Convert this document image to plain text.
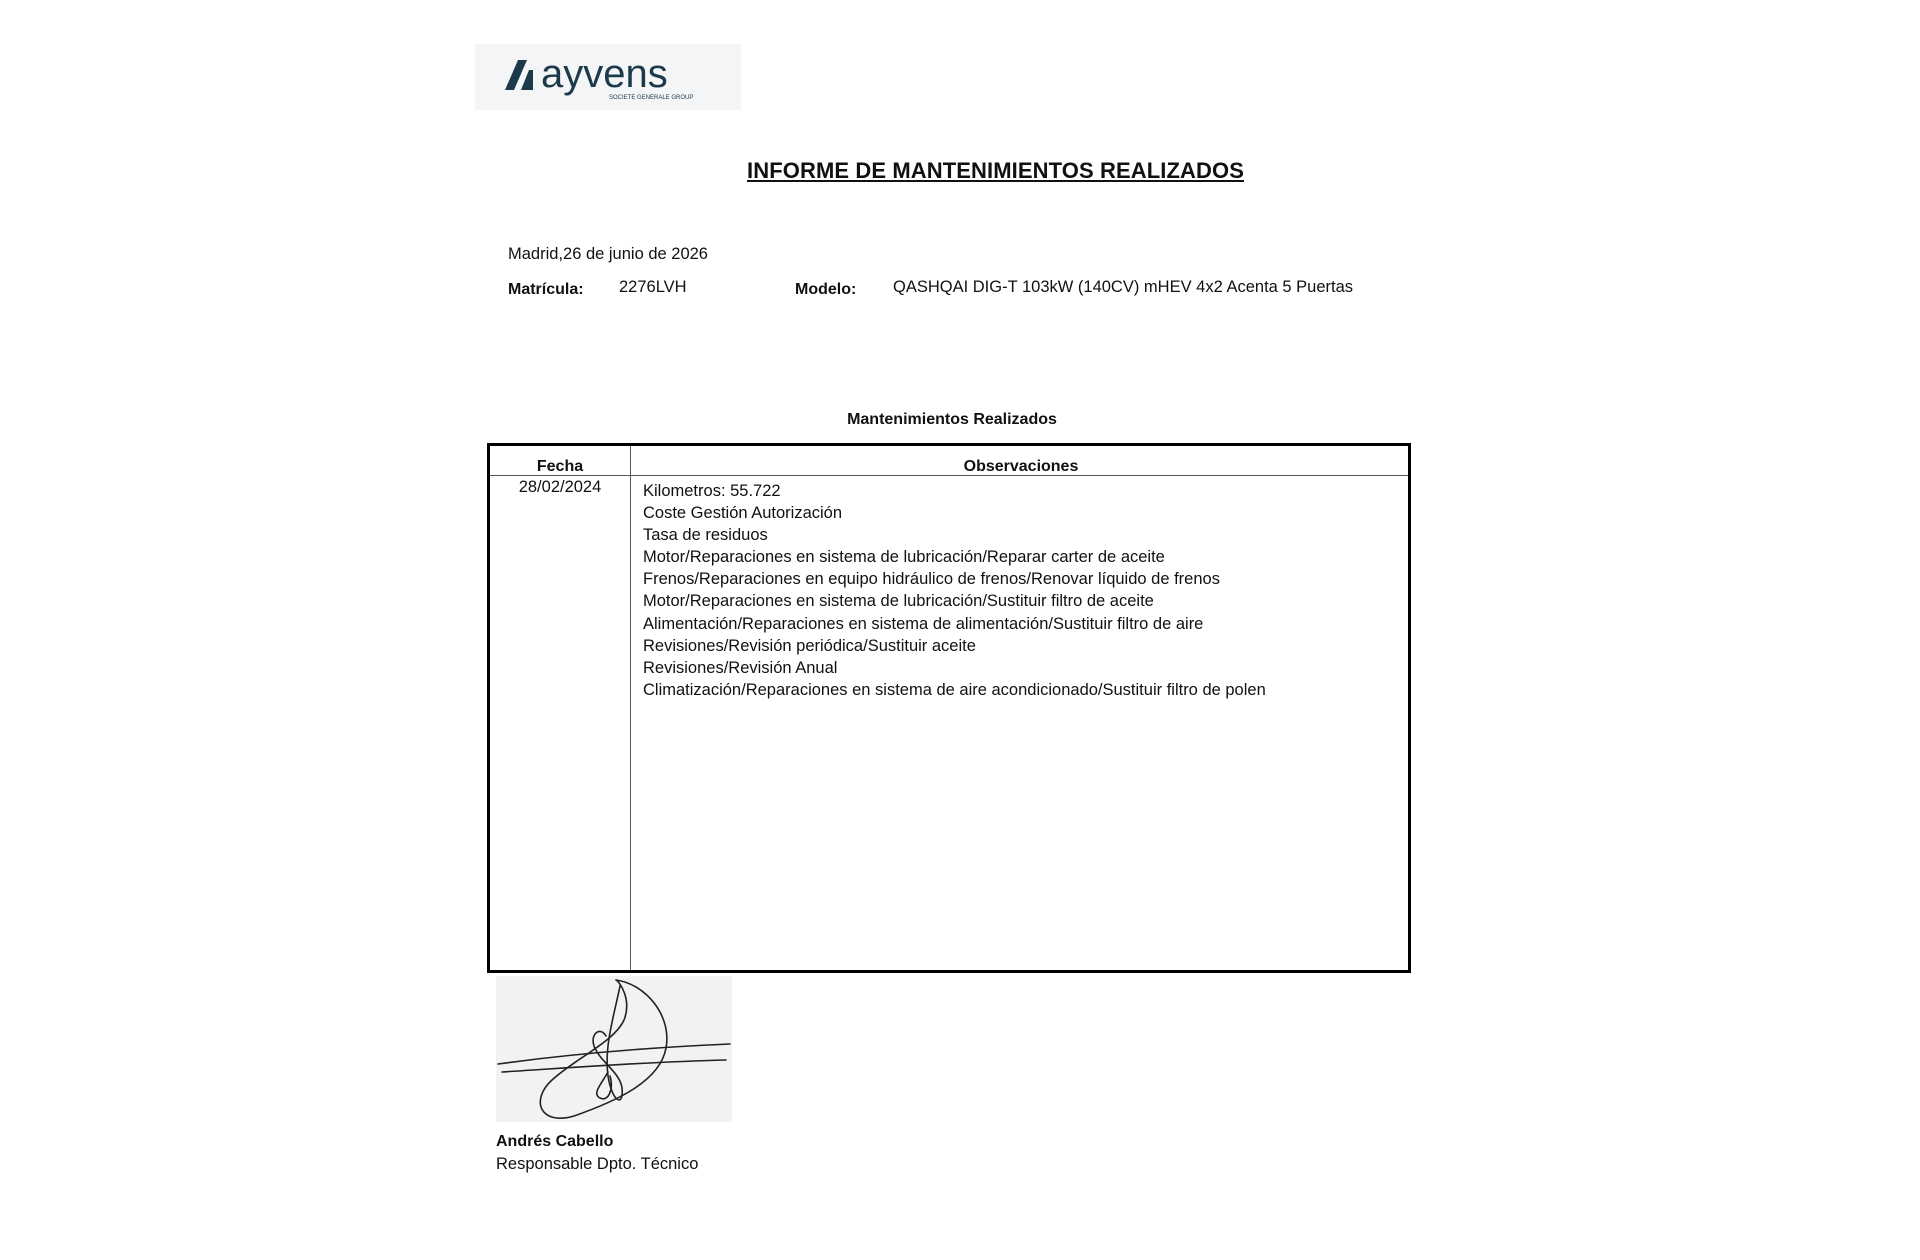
ayvens
SOCIETE GENERALE GROUP
INFORME DE MANTENIMIENTOS REALIZADOS
Madrid,26 de junio de 2026
Matrícula: 2276LVH	Modelo: QASHQAI DIG-T 103kW (140CV) mHEV 4x2 Acenta 5 Puertas
Mantenimientos Realizados
Fecha	Observaciones
28/02/2024	Kilometros: 55.722
Coste Gestión Autorización
Tasa de residuos
Motor/Reparaciones en sistema de lubricación/Reparar carter de aceite
Frenos/Reparaciones en equipo hidráulico de frenos/Renovar líquido de frenos
Motor/Reparaciones en sistema de lubricación/Sustituir filtro de aceite
Alimentación/Reparaciones en sistema de alimentación/Sustituir filtro de aire
Revisiones/Revisión periódica/Sustituir aceite
Revisiones/Revisión Anual
Climatización/Reparaciones en sistema de aire acondicionado/Sustituir filtro de polen
Andrés Cabello
Responsable Dpto. Técnico
